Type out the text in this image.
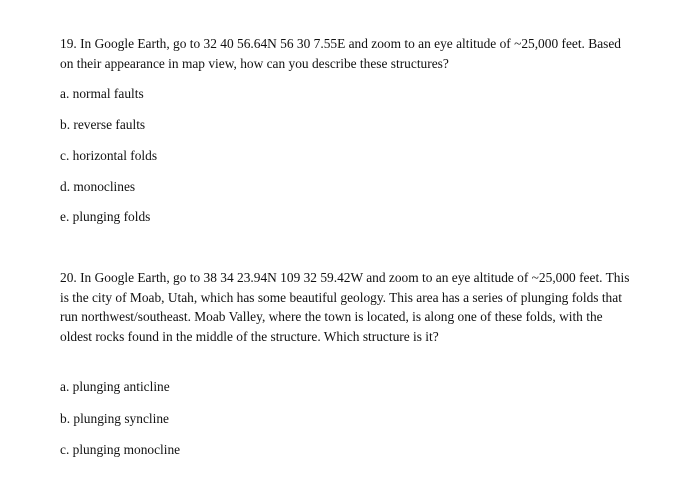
19. In Google Earth, go to 32 40 56.64N 56 30 7.55E and zoom to an eye altitude of ~25,000 feet. Based on their appearance in map view, how can you describe these structures?

a. normal faults

b. reverse faults

c. horizontal folds

d. monoclines

e. plunging folds

20. In Google Earth, go to 38 34 23.94N 109 32 59.42W and zoom to an eye altitude of ~25,000 feet. This is the city of Moab, Utah, which has some beautiful geology. This area has a series of plunging folds that run northwest/southeast. Moab Valley, where the town is located, is along one of these folds, with the oldest rocks found in the middle of the structure. Which structure is it?

a. plunging anticline

b. plunging syncline

c. plunging monocline
